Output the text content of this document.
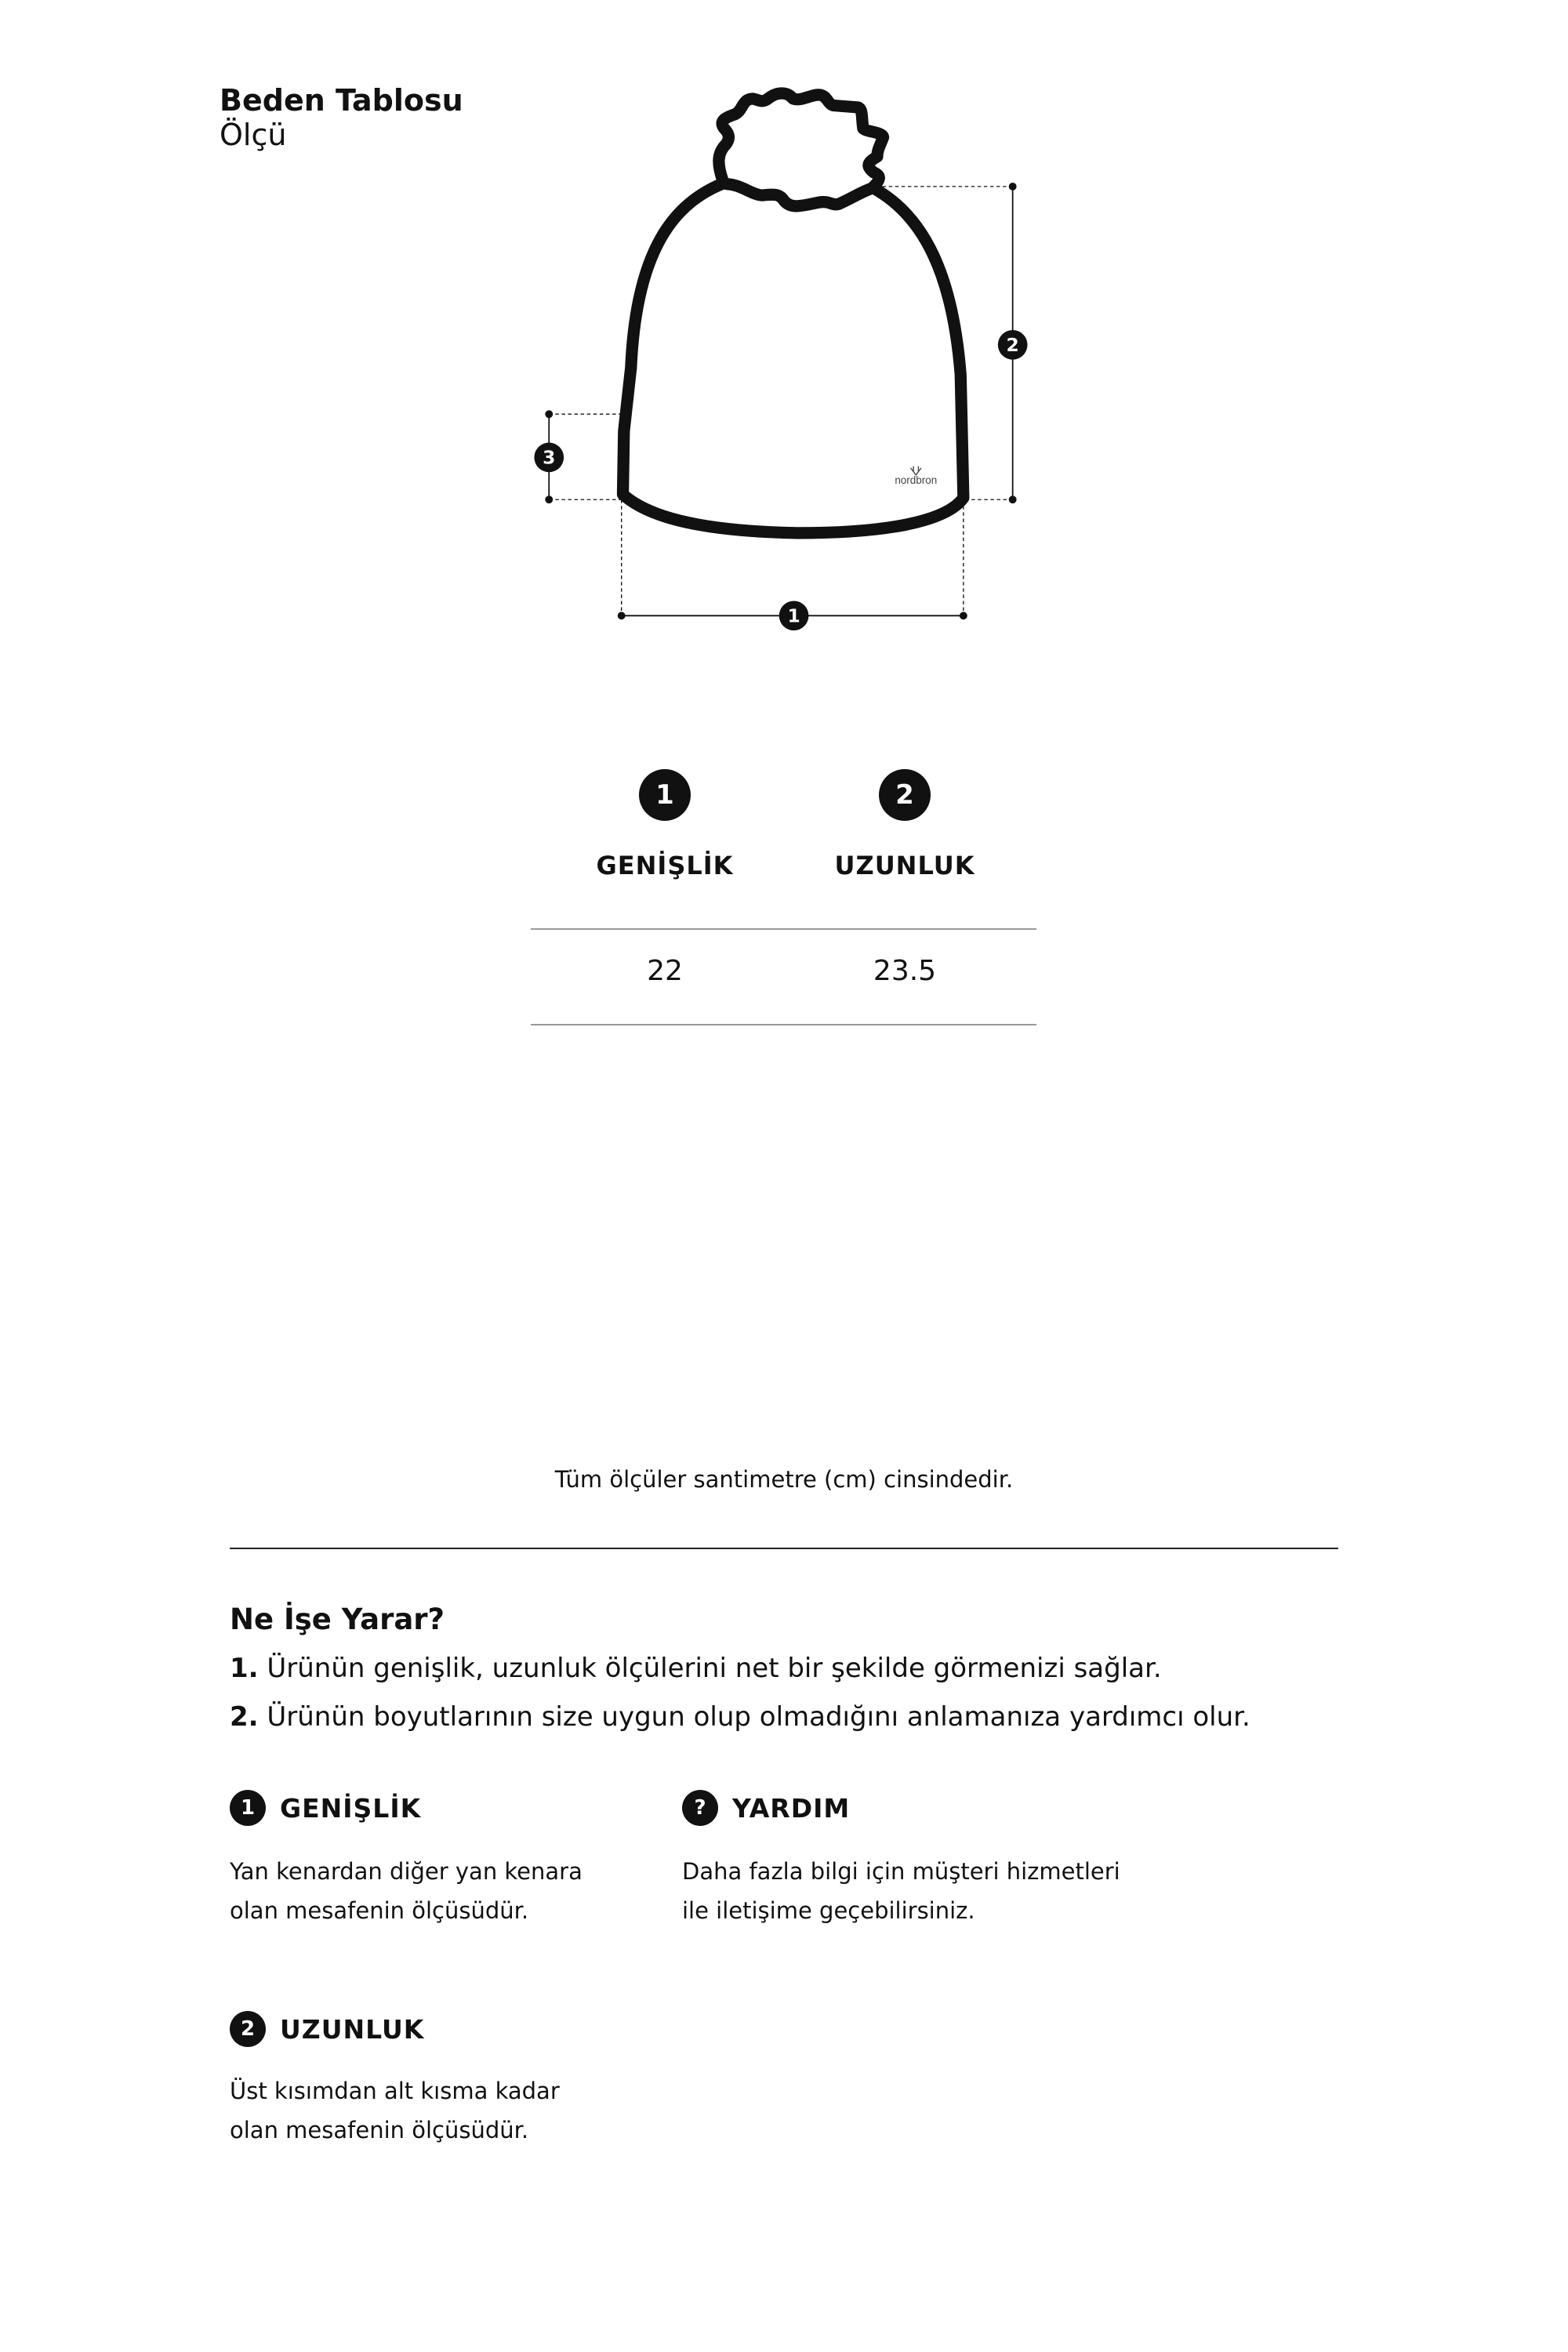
Beden Tablosu
Ölçü
nordbron
2
3
1
1	2
GENİŞLİK	UZUNLUK
22	23.5
Tüm ölçüler santimetre (cm) cinsindedir.
Ne İşe Yarar?
1. Ürünün genişlik, uzunluk ölçülerini net bir şekilde görmenizi sağlar.
2. Ürünün boyutlarının size uygun olup olmadığını anlamanıza yardımcı olur.
1 GENİŞLİK
Yan kenardan diğer yan kenara
olan mesafenin ölçüsüdür.
?	YARDIM
Daha fazla bilgi için müşteri hizmetleri
ile iletişime geçebilirsiniz.
2 UZUNLUK
Üst kısımdan alt kısma kadar
olan mesafenin ölçüsüdür.
